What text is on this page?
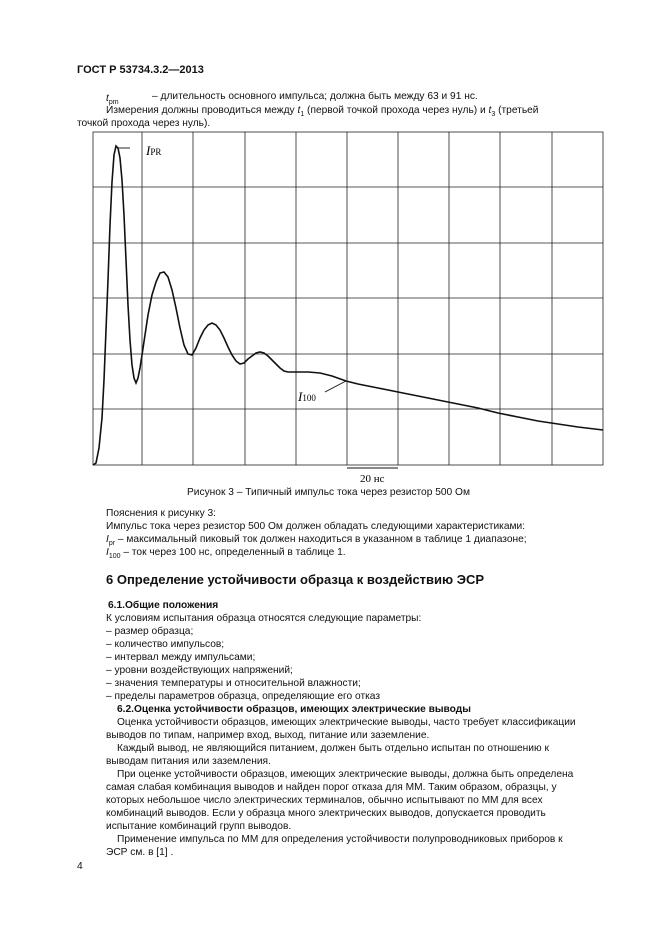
ГОСТ Р 53734.3.2—2013
$t_{pm}$
– длительность основного импульса; должна быть между 63 и 91 нс.
Измерения должны проводиться между $t_1$ (первой точкой прохода через нуль) и $t_3$ (третьей
точкой прохода через нуль).
IPR
I100
20 нс
Рисунок 3 – Типичный импульс тока через резистор 500 Ом
Пояснения к рисунку 3:
Импульс тока через резистор 500 Ом должен обладать следующими характеристиками:
$I_{pr}$ – максимальный пиковый ток должен находиться в указанном в таблице 1 диапазоне;
$I_{100}$ – ток через 100 нс, определенный в таблице 1.
6 Определение устойчивости образца к воздействию ЭСР
6.1.Общие положения
К условиям испытания образца относятся следующие параметры:
– размер образца;
– количество импульсов;
– интервал между импульсами;
– уровни воздействующих напряжений;
– значения температуры и относительной влажности;
– пределы параметров образца, определяющие его отказ
6.2.Оценка устойчивости образцов, имеющих электрические выводы
Оценка устойчивости образцов, имеющих электрические выводы, часто требует классификации
выводов по типам, например вход, выход, питание или заземление.
Каждый вывод, не являющийся питанием, должен быть отдельно испытан по отношению к
выводам питания или заземления.
При оценке устойчивости образцов, имеющих электрические выводы, должна быть определена
самая слабая комбинация выводов и найден порог отказа для ММ. Таким образом, образцы, у
которых небольшое число электрических терминалов, обычно испытывают по ММ для всех
комбинаций выводов. Если у образца много электрических выводов, допускается проводить
испытание комбинаций групп выводов.
Применение импульса по ММ для определения устойчивости полупроводниковых приборов к
ЭСР см. в [1] .
4
